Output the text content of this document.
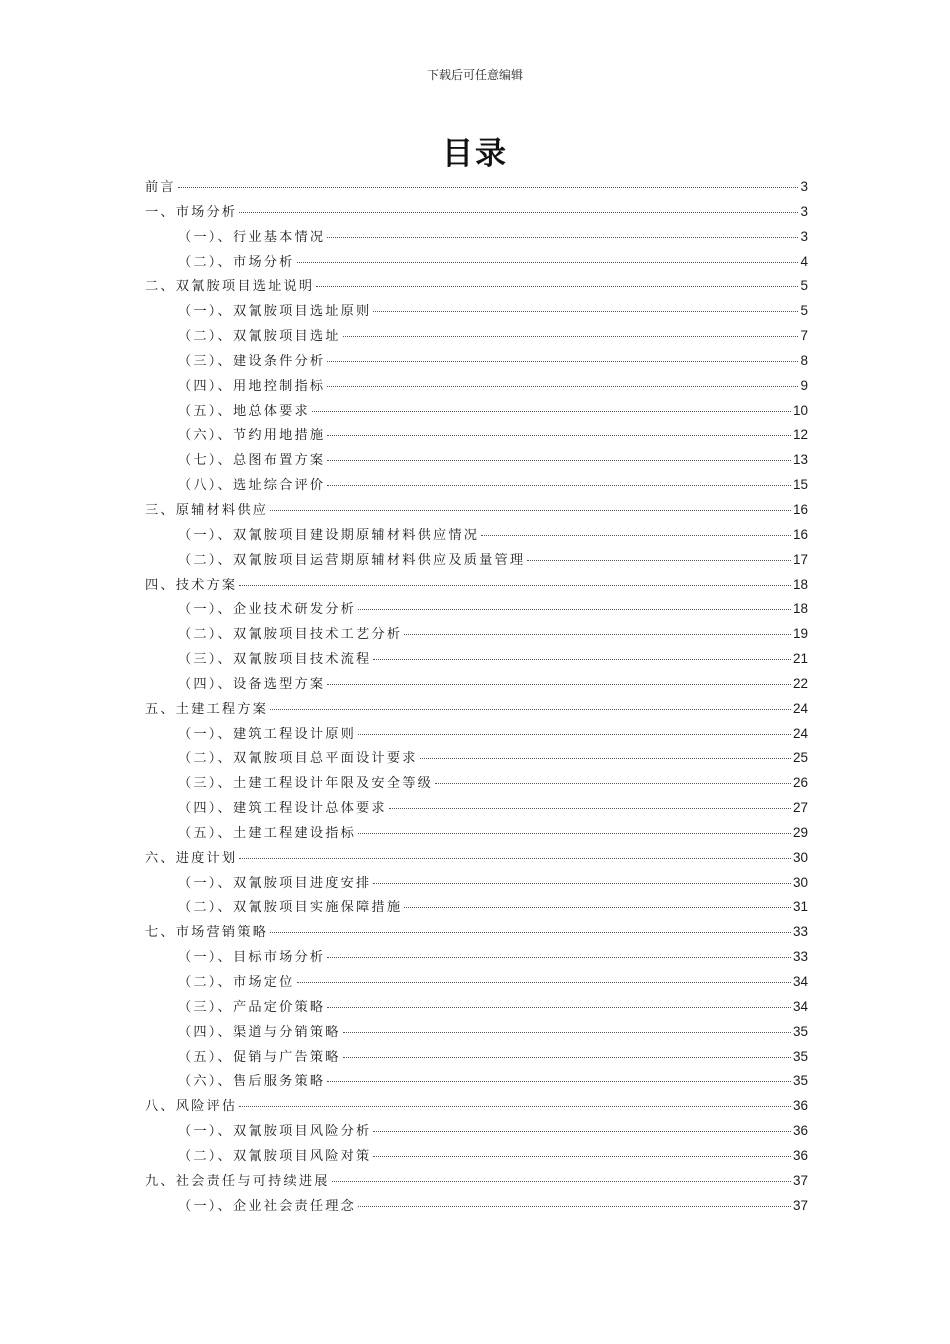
下载后可任意编辑
目录
前言	3
一、市场分析	3
（一）、行业基本情况	3
（二）、市场分析	4
二、双氰胺项目选址说明	5
（一）、双氰胺项目选址原则	5
（二）、双氰胺项目选址	7
（三）、建设条件分析	8
（四）、用地控制指标	9
（五）、地总体要求	10
（六）、节约用地措施	12
（七）、总图布置方案	13
（八）、选址综合评价	15
三、原辅材料供应	16
（一）、双氰胺项目建设期原辅材料供应情况	16
（二）、双氰胺项目运营期原辅材料供应及质量管理	17
四、技术方案	18
（一）、企业技术研发分析	18
（二）、双氰胺项目技术工艺分析	19
（三）、双氰胺项目技术流程	21
（四）、设备选型方案	22
五、土建工程方案	24
（一）、建筑工程设计原则	24
（二）、双氰胺项目总平面设计要求	25
（三）、土建工程设计年限及安全等级	26
（四）、建筑工程设计总体要求	27
（五）、土建工程建设指标	29
六、进度计划	30
（一）、双氰胺项目进度安排	30
（二）、双氰胺项目实施保障措施	31
七、市场营销策略	33
（一）、目标市场分析	33
（二）、市场定位	34
（三）、产品定价策略	34
（四）、渠道与分销策略	35
（五）、促销与广告策略	35
（六）、售后服务策略	35
八、风险评估	36
（一）、双氰胺项目风险分析	36
（二）、双氰胺项目风险对策	36
九、社会责任与可持续进展	37
（一）、企业社会责任理念	37
